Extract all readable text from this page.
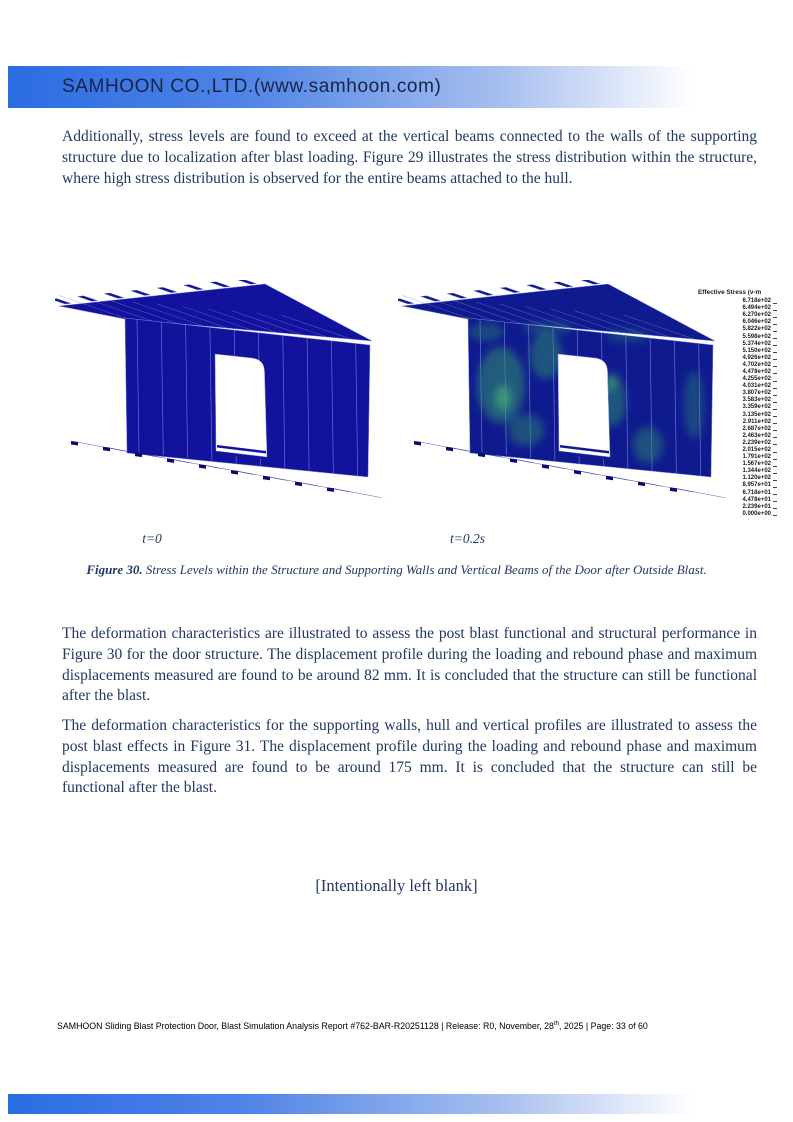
SAMHOON CO.,LTD.(www.samhoon.com)

Additionally, stress levels are found to exceed at the vertical beams connected to the walls of the supporting structure due to localization after blast loading. Figure 29 illustrates the stress distribution within the structure, where high stress distribution is observed for the entire beams attached to the hull.

Effective Stress (v-m
6.718e+02
6.494e+02
6.270e+02
6.046e+02
5.822e+02
5.598e+02
5.374e+02
5.150e+02
4.926e+02
4.702e+02
4.478e+02
4.255e+02
4.031e+02
3.807e+02
3.583e+02
3.359e+02
3.135e+02
2.911e+02
2.687e+02
2.463e+02
2.239e+02
2.015e+02
1.791e+02
1.567e+02
1.344e+02
1.120e+02
8.957e+01
6.718e+01
4.478e+01
2.239e+01
0.000e+00
t=0	t=0.2s
Figure 30. Stress Levels within the Structure and Supporting Walls and Vertical Beams of the Door after Outside Blast.

The deformation characteristics are illustrated to assess the post blast functional and structural performance in Figure 30 for the door structure. The displacement profile during the loading and rebound phase and maximum displacements measured are found to be around 82 mm. It is concluded that the structure can still be functional after the blast.

The deformation characteristics for the supporting walls, hull and vertical profiles are illustrated to assess the post blast effects in Figure 31. The displacement profile during the loading and rebound phase and maximum displacements measured are found to be around 175 mm. It is concluded that the structure can still be functional after the blast.

[Intentionally left blank]
SAMHOON Sliding Blast Protection Door, Blast Simulation Analysis Report #762-BAR-R20251128 | Release: R0, November, 28th, 2025 | Page: 33 of 60
